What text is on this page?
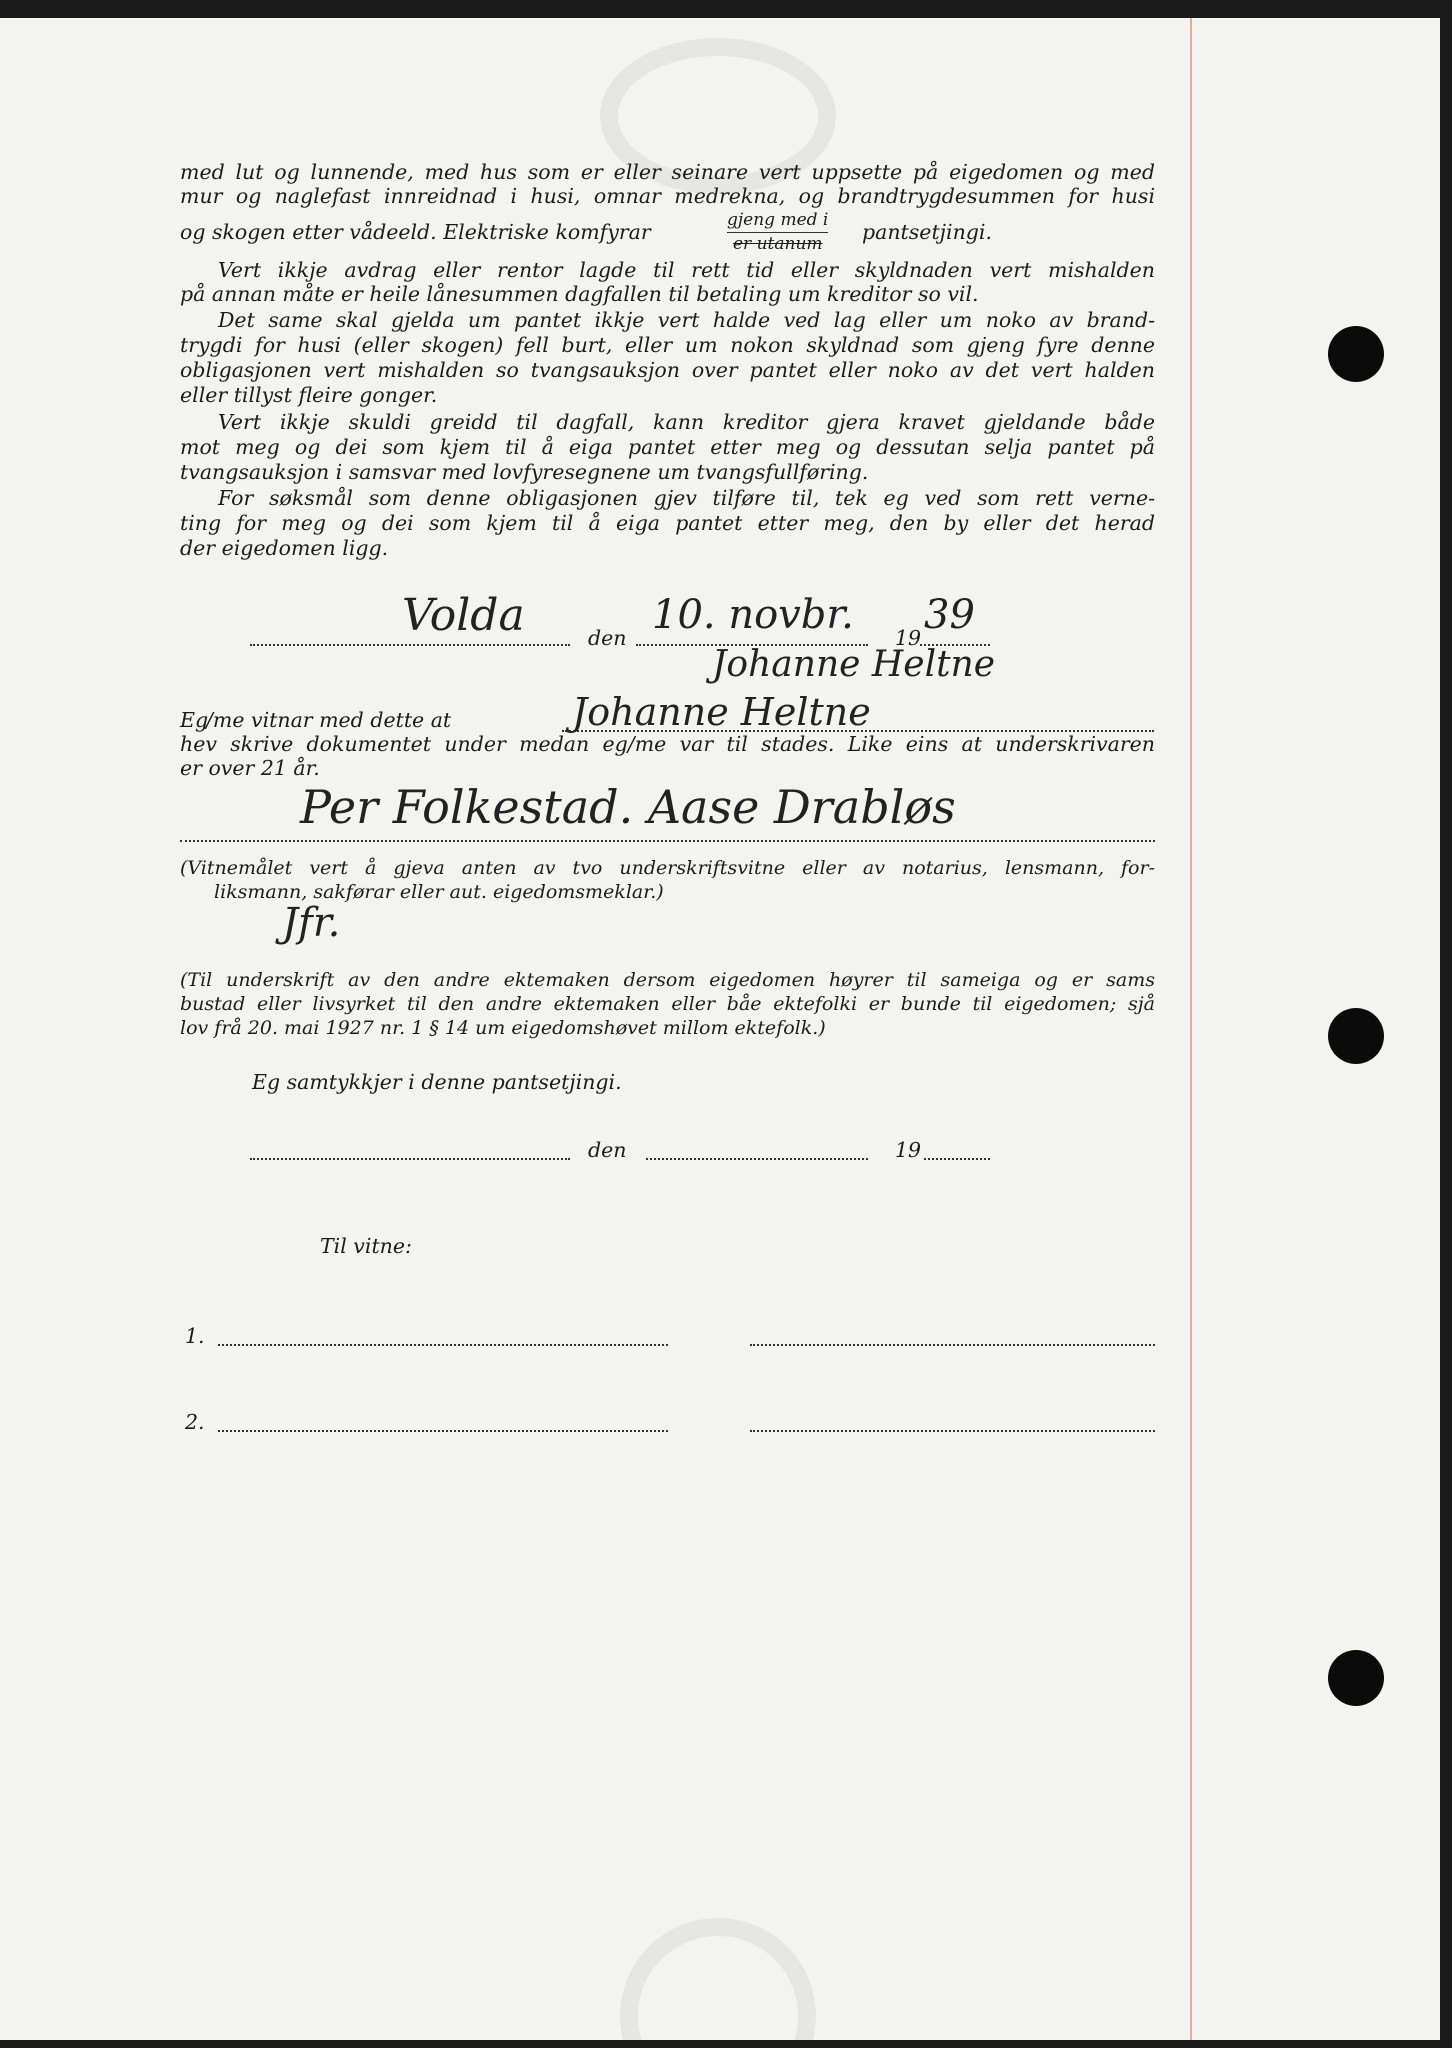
med lut og lunnende, med hus som er eller seinare vert uppsette på eigedomen og med
mur og naglefast innreidnad i husi, omnar medrekna, og brandtrygdesummen for husi
og skogen etter vådeeld. Elektriske komfyrar	gjeng med i
er utanum pantsetjingi.
Vert ikkje avdrag eller rentor lagde til rett tid eller skyldnaden vert mishalden
på annan måte er heile lånesummen dagfallen til betaling um kreditor so vil.
Det same skal gjelda um pantet ikkje vert halde ved lag eller um noko av brand-
trygdi for husi (eller skogen) fell burt, eller um nokon skyldnad som gjeng fyre denne
obligasjonen vert mishalden so tvangsauksjon over pantet eller noko av det vert halden
eller tillyst fleire gonger.
Vert ikkje skuldi greidd til dagfall, kann kreditor gjera kravet gjeldande både
mot meg og dei som kjem til å eiga pantet etter meg og dessutan selja pantet på
tvangsauksjon i samsvar med lovfyresegnene um tvangsfullføring.
For søksmål som denne obligasjonen gjev tilføre til, tek eg ved som rett verne-
ting for meg og dei som kjem til å eiga pantet etter meg, den by eller det herad
der eigedomen ligg.
Volda	den 10. novbr. 19 39
Johanne Heltne
Eg
/me vitnar med dette at	Johanne Heltne
hev skrive dokumentet under medan eg/me var til stades. Like eins at underskrivaren
er over 21 år.
Per Folkestad. Aase Drabløs
(Vitnemålet vert å gjeva anten av tvo underskriftsvitne eller av notarius, lensmann, for-
liksmann, sakførar eller aut. eigedomsmeklar.)
Jfr.
(Til underskrift av den andre ektemaken dersom eigedomen høyrer til sameiga og er sams
bustad eller livsyrket til den andre ektemaken eller båe ektefolki er bunde til eigedomen; sjå
lov frå 20. mai 1927 nr. 1 § 14 um eigedomshøvet millom ektefolk.)
Eg samtykkjer i denne pantsetjingi.
den	19
Til vitne:
1.
2.
